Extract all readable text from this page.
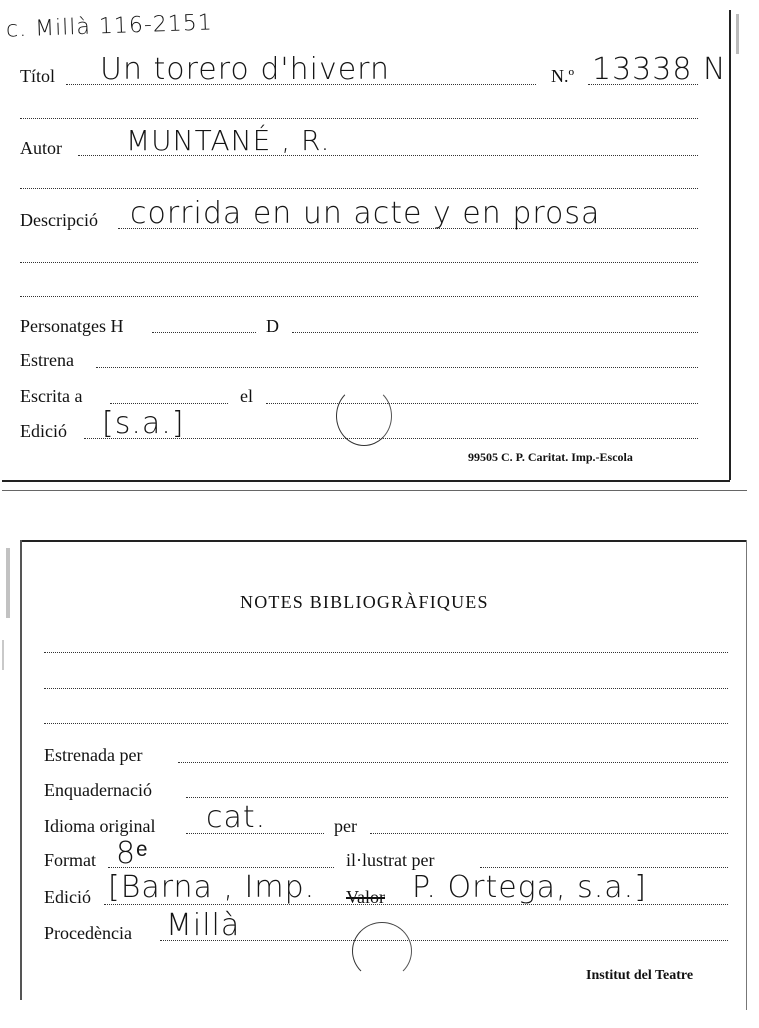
c. Millà 116-2151
Títol Un torero d'hivern	N.º 13338 N
Autor MUNTANÉ , R.
Descripció corrida en un acte y en prosa
Personatges H	D
Estrena
Escrita a	el
Edició [s.a.]
99505 C. P. Caritat. Imp.-Escola
NOTES BIBLIOGRÀFIQUES
Estrenada per
Enquadernació
Idioma original cat.	per
Format 8ᵉ	il·lustrat per
Edició [Barna , Imp. Valor P. Ortega, s.a.]
Procedència Millà
Institut del Teatre
